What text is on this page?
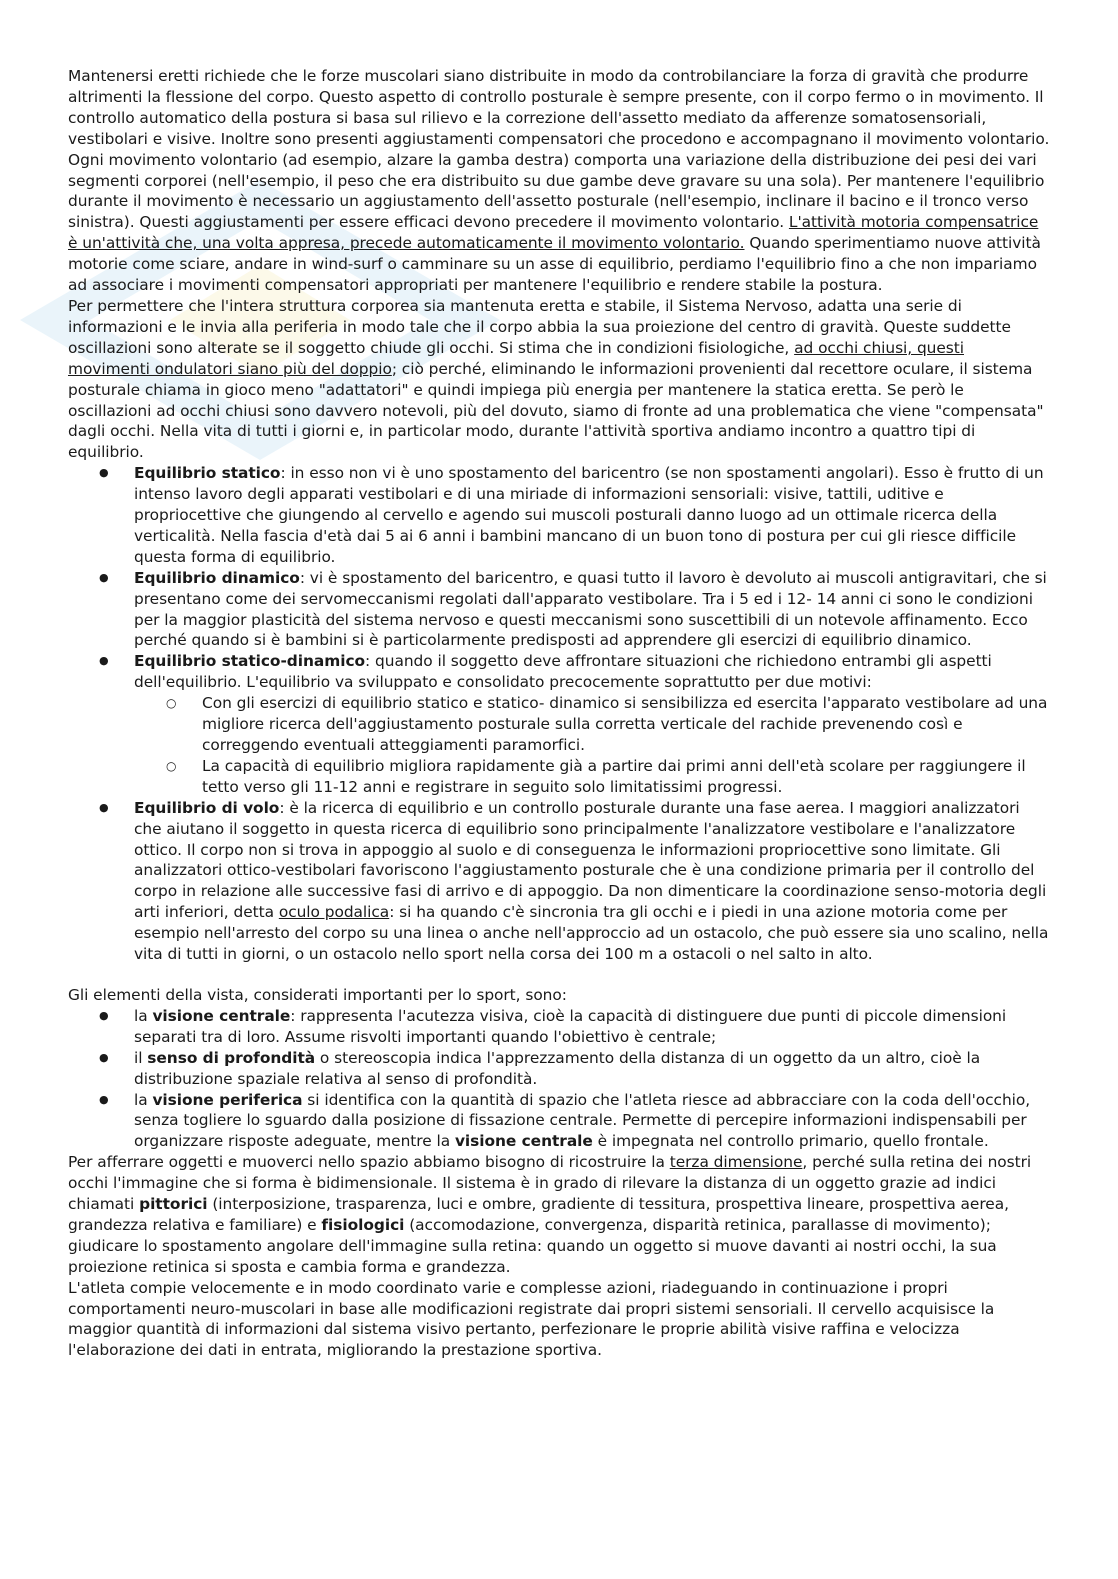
Mantenersi eretti richiede che le forze muscolari siano distribuite in modo da controbilanciare la forza di gravità che produrre altrimenti la flessione del corpo. Questo aspetto di controllo posturale è sempre presente, con il corpo fermo o in movimento. Il controllo automatico della postura si basa sul rilievo e la correzione dell'assetto mediato da afferenze somatosensoriali, vestibolari e visive. Inoltre sono presenti aggiustamenti compensatori che procedono e accompagnano il movimento volontario.

Ogni movimento volontario (ad esempio, alzare la gamba destra) comporta una variazione della distribuzione dei pesi dei vari segmenti corporei (nell'esempio, il peso che era distribuito su due gambe deve gravare su una sola). Per mantenere l'equilibrio durante il movimento è necessario un aggiustamento dell'assetto posturale (nell'esempio, inclinare il bacino e il tronco verso sinistra). Questi aggiustamenti per essere efficaci devono precedere il movimento volontario. L'attività motoria compensatrice è un'attività che, una volta appresa, precede automaticamente il movimento volontario. Quando sperimentiamo nuove attività motorie come sciare, andare in wind-surf o camminare su un asse di equilibrio, perdiamo l'equilibrio fino a che non impariamo ad associare i movimenti compensatori appropriati per mantenere l'equilibrio e rendere stabile la postura.

Per permettere che l'intera struttura corporea sia mantenuta eretta e stabile, il Sistema Nervoso, adatta una serie di informazioni e le invia alla periferia in modo tale che il corpo abbia la sua proiezione del centro di gravità. Queste suddette oscillazioni sono alterate se il soggetto chiude gli occhi. Si stima che in condizioni fisiologiche, ad occhi chiusi, questi movimenti ondulatori siano più del doppio; ciò perché, eliminando le informazioni provenienti dal recettore oculare, il sistema posturale chiama in gioco meno "adattatori" e quindi impiega più energia per mantenere la statica eretta. Se però le oscillazioni ad occhi chiusi sono davvero notevoli, più del dovuto, siamo di fronte ad una problematica che viene "compensata" dagli occhi. Nella vita di tutti i giorni e, in particolar modo, durante l'attività sportiva andiamo incontro a quattro tipi di equilibrio.

● Equilibrio statico: in esso non vi è uno spostamento del baricentro (se non spostamenti angolari). Esso è frutto di un intenso lavoro degli apparati vestibolari e di una miriade di informazioni sensoriali: visive, tattili, uditive e propriocettive che giungendo al cervello e agendo sui muscoli posturali danno luogo ad un ottimale ricerca della verticalità. Nella fascia d'età dai 5 ai 6 anni i bambini mancano di un buon tono di postura per cui gli riesce difficile questa forma di equilibrio.
● Equilibrio dinamico: vi è spostamento del baricentro, e quasi tutto il lavoro è devoluto ai muscoli antigravitari, che si presentano come dei servomeccanismi regolati dall'apparato vestibolare. Tra i 5 ed i 12- 14 anni ci sono le condizioni per la maggior plasticità del sistema nervoso e questi meccanismi sono suscettibili di un notevole affinamento. Ecco perché quando si è bambini si è particolarmente predisposti ad apprendere gli esercizi di equilibrio dinamico.
● Equilibrio statico-dinamico: quando il soggetto deve affrontare situazioni che richiedono entrambi gli aspetti dell'equilibrio. L'equilibrio va sviluppato e consolidato precocemente soprattutto per due motivi:
○ Con gli esercizi di equilibrio statico e statico- dinamico si sensibilizza ed esercita l'apparato vestibolare ad una migliore ricerca dell'aggiustamento posturale sulla corretta verticale del rachide prevenendo così e correggendo eventuali atteggiamenti paramorfici.
○ La capacità di equilibrio migliora rapidamente già a partire dai primi anni dell'età scolare per raggiungere il tetto verso gli 11-12 anni e registrare in seguito solo limitatissimi progressi.
● Equilibrio di volo: è la ricerca di equilibrio e un controllo posturale durante una fase aerea. I maggiori analizzatori che aiutano il soggetto in questa ricerca di equilibrio sono principalmente l'analizzatore vestibolare e l'analizzatore ottico. Il corpo non si trova in appoggio al suolo e di conseguenza le informazioni propriocettive sono limitate. Gli analizzatori ottico-vestibolari favoriscono l'aggiustamento posturale che è una condizione primaria per il controllo del corpo in relazione alle successive fasi di arrivo e di appoggio. Da non dimenticare la coordinazione senso-motoria degli arti inferiori, detta oculo podalica: si ha quando c'è sincronia tra gli occhi e i piedi in una azione motoria come per esempio nell'arresto del corpo su una linea o anche nell'approccio ad un ostacolo, che può essere sia uno scalino, nella vita di tutti in giorni, o un ostacolo nello sport nella corsa dei 100 m a ostacoli o nel salto in alto.

Gli elementi della vista, considerati importanti per lo sport, sono:

● la visione centrale: rappresenta l'acutezza visiva, cioè la capacità di distinguere due punti di piccole dimensioni separati tra di loro. Assume risvolti importanti quando l'obiettivo è centrale;
● il senso di profondità o stereoscopia indica l'apprezzamento della distanza di un oggetto da un altro, cioè la distribuzione spaziale relativa al senso di profondità.
● la visione periferica si identifica con la quantità di spazio che l'atleta riesce ad abbracciare con la coda dell'occhio, senza togliere lo sguardo dalla posizione di fissazione centrale. Permette di percepire informazioni indispensabili per organizzare risposte adeguate, mentre la visione centrale è impegnata nel controllo primario, quello frontale.

Per afferrare oggetti e muoverci nello spazio abbiamo bisogno di ricostruire la terza dimensione, perché sulla retina dei nostri occhi l'immagine che si forma è bidimensionale. Il sistema è in grado di rilevare la distanza di un oggetto grazie ad indici chiamati pittorici (interposizione, trasparenza, luci e ombre, gradiente di tessitura, prospettiva lineare, prospettiva aerea, grandezza relativa e familiare) e fisiologici (accomodazione, convergenza, disparità retinica, parallasse di movimento); giudicare lo spostamento angolare dell'immagine sulla retina: quando un oggetto si muove davanti ai nostri occhi, la sua proiezione retinica si sposta e cambia forma e grandezza.

L'atleta compie velocemente e in modo coordinato varie e complesse azioni, riadeguando in continuazione i propri comportamenti neuro-muscolari in base alle modificazioni registrate dai propri sistemi sensoriali. Il cervello acquisisce la maggior quantità di informazioni dal sistema visivo pertanto, perfezionare le proprie abilità visive raffina e velocizza l'elaborazione dei dati in entrata, migliorando la prestazione sportiva.
